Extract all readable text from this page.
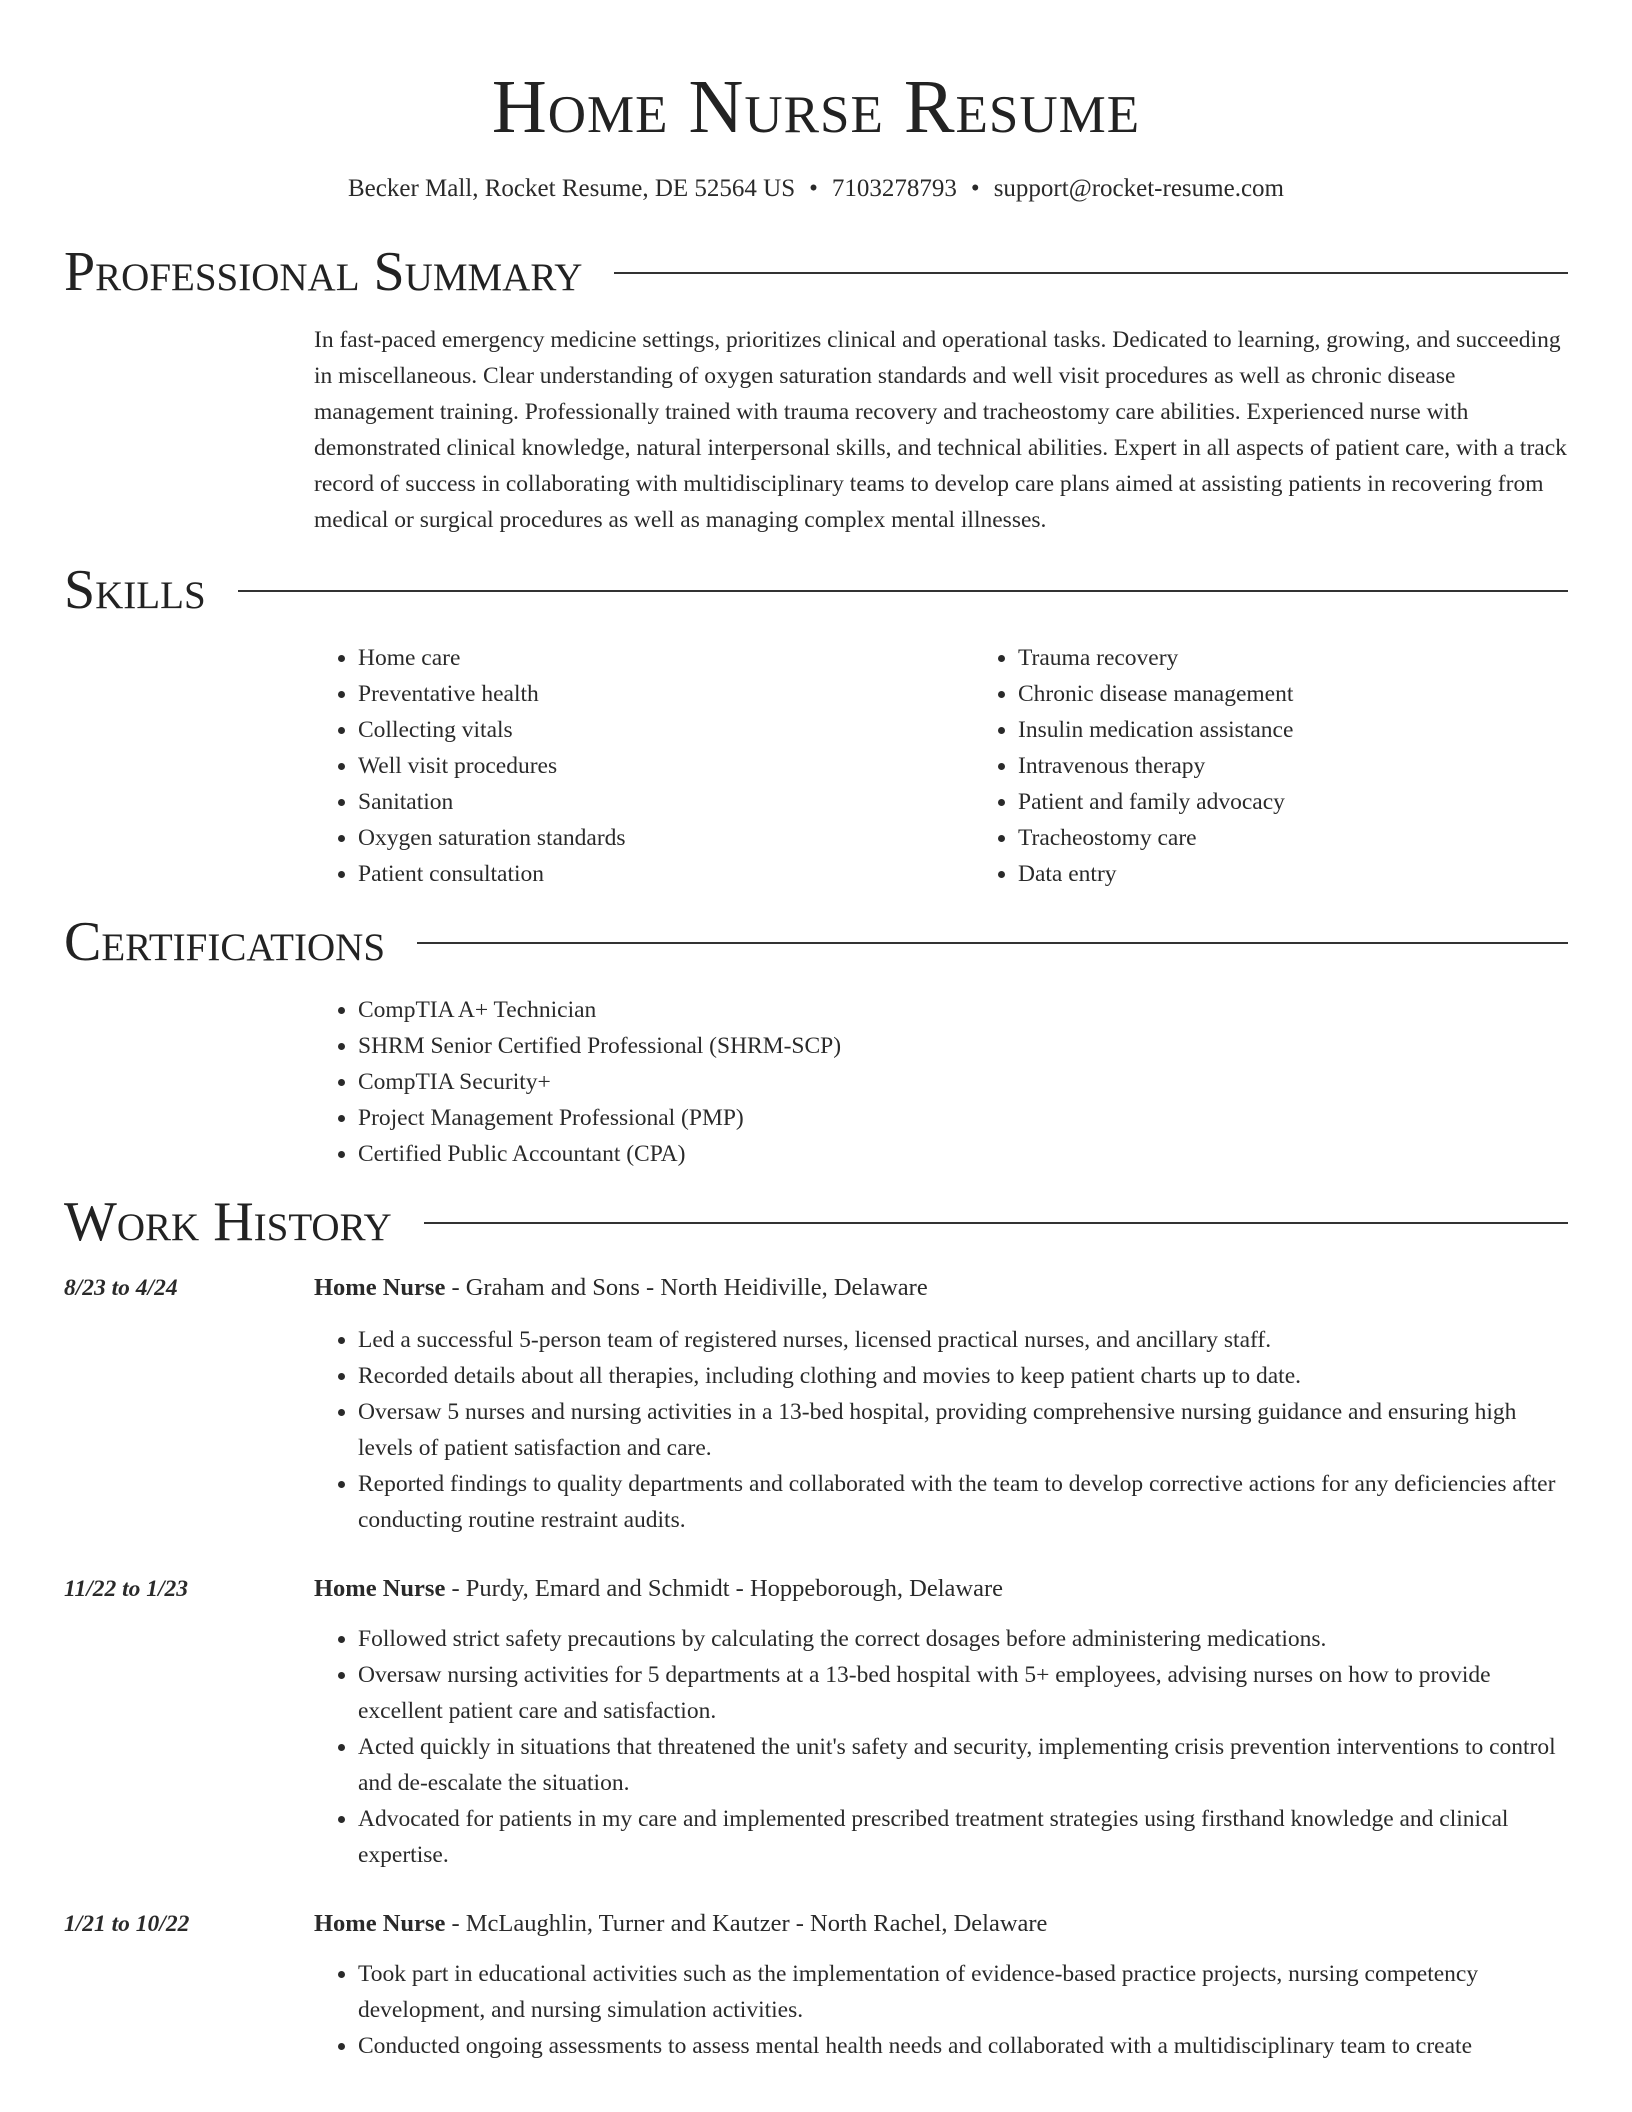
Home Nurse Resume
Becker Mall, Rocket Resume, DE 52564 US • 7103278793 • support@rocket-resume.com
Professional Summary

In fast-paced emergency medicine settings, prioritizes clinical and operational tasks. Dedicated to learning, growing, and succeeding in miscellaneous. Clear understanding of oxygen saturation standards and well visit procedures as well as chronic disease management training. Professionally trained with trauma recovery and tracheostomy care abilities. Experienced nurse with demonstrated clinical knowledge, natural interpersonal skills, and technical abilities. Expert in all aspects of patient care, with a track record of success in collaborating with multidisciplinary teams to develop care plans aimed at assisting patients in recovering from medical or surgical procedures as well as managing complex mental illnesses.

Skills
• Home care
• Preventative health
• Collecting vitals
• Well visit procedures
• Sanitation
• Oxygen saturation standards
• Patient consultation
• Trauma recovery
• Chronic disease management
• Insulin medication assistance
• Intravenous therapy
• Patient and family advocacy
• Tracheostomy care
• Data entry
Certifications
• CompTIA A+ Technician
• SHRM Senior Certified Professional (SHRM-SCP)
• CompTIA Security+
• Project Management Professional (PMP)
• Certified Public Accountant (CPA)
Work History
8/23 to 4/24	Home Nurse - Graham and Sons - North Heidiville, Delaware
• Led a successful 5-person team of registered nurses, licensed practical nurses, and ancillary staff.
• Recorded details about all therapies, including clothing and movies to keep patient charts up to date.
• Oversaw 5 nurses and nursing activities in a 13-bed hospital, providing comprehensive nursing guidance and ensuring high levels of patient satisfaction and care.
• Reported findings to quality departments and collaborated with the team to develop corrective actions for any deficiencies after conducting routine restraint audits.
11/22 to 1/23	Home Nurse - Purdy, Emard and Schmidt - Hoppeborough, Delaware
• Followed strict safety precautions by calculating the correct dosages before administering medications.
• Oversaw nursing activities for 5 departments at a 13-bed hospital with 5+ employees, advising nurses on how to provide excellent patient care and satisfaction.
• Acted quickly in situations that threatened the unit's safety and security, implementing crisis prevention interventions to control and de-escalate the situation.
• Advocated for patients in my care and implemented prescribed treatment strategies using firsthand knowledge and clinical expertise.
1/21 to 10/22	Home Nurse - McLaughlin, Turner and Kautzer - North Rachel, Delaware
• Took part in educational activities such as the implementation of evidence-based practice projects, nursing competency development, and nursing simulation activities.
• Conducted ongoing assessments to assess mental health needs and collaborated with a multidisciplinary team to create
